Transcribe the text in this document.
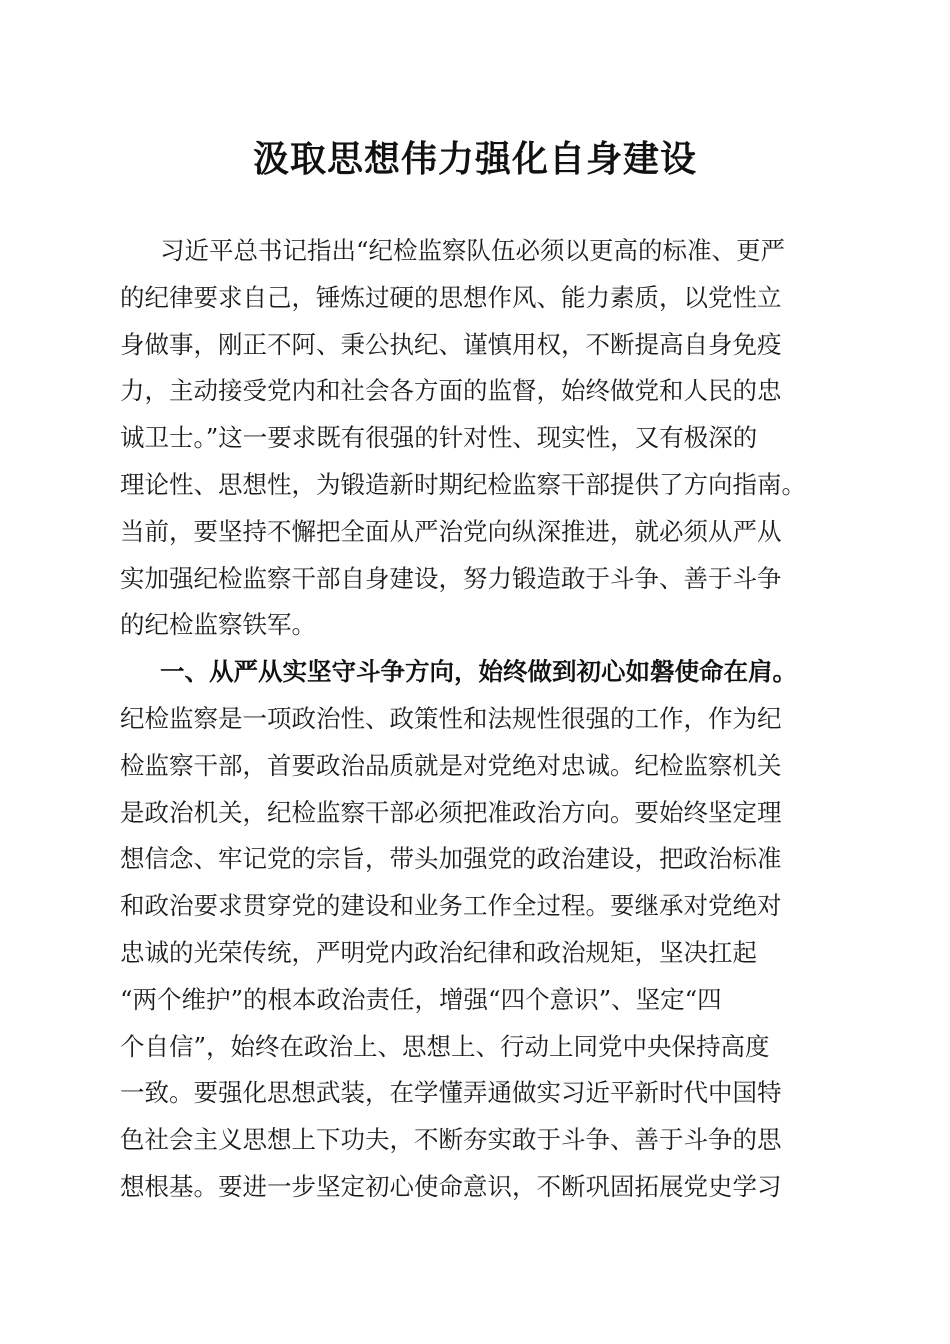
汲取思想伟力强化自身建设
习近平总书记指出“纪检监察队伍必须以更高的标准、更严
的纪律要求自己，锤炼过硬的思想作风、能力素质，以党性立
身做事，刚正不阿、秉公执纪、谨慎用权，不断提高自身免疫
力，主动接受党内和社会各方面的监督，始终做党和人民的忠
诚卫士。”这一要求既有很强的针对性、现实性，又有极深的
理论性、思想性，为锻造新时期纪检监察干部提供了方向指南。
当前，要坚持不懈把全面从严治党向纵深推进，就必须从严从
实加强纪检监察干部自身建设，努力锻造敢于斗争、善于斗争
的纪检监察铁军。
一、从严从实坚守斗争方向，始终做到初心如磐使命在肩。
纪检监察是一项政治性、政策性和法规性很强的工作，作为纪
检监察干部，首要政治品质就是对党绝对忠诚。纪检监察机关
是政治机关，纪检监察干部必须把准政治方向。要始终坚定理
想信念、牢记党的宗旨，带头加强党的政治建设，把政治标准
和政治要求贯穿党的建设和业务工作全过程。要继承对党绝对
忠诚的光荣传统，严明党内政治纪律和政治规矩，坚决扛起
“两个维护”的根本政治责任，增强“四个意识”、坚定“四
个自信”，始终在政治上、思想上、行动上同党中央保持高度
一致。要强化思想武装，在学懂弄通做实习近平新时代中国特
色社会主义思想上下功夫，不断夯实敢于斗争、善于斗争的思
想根基。要进一步坚定初心使命意识，不断巩固拓展党史学习
